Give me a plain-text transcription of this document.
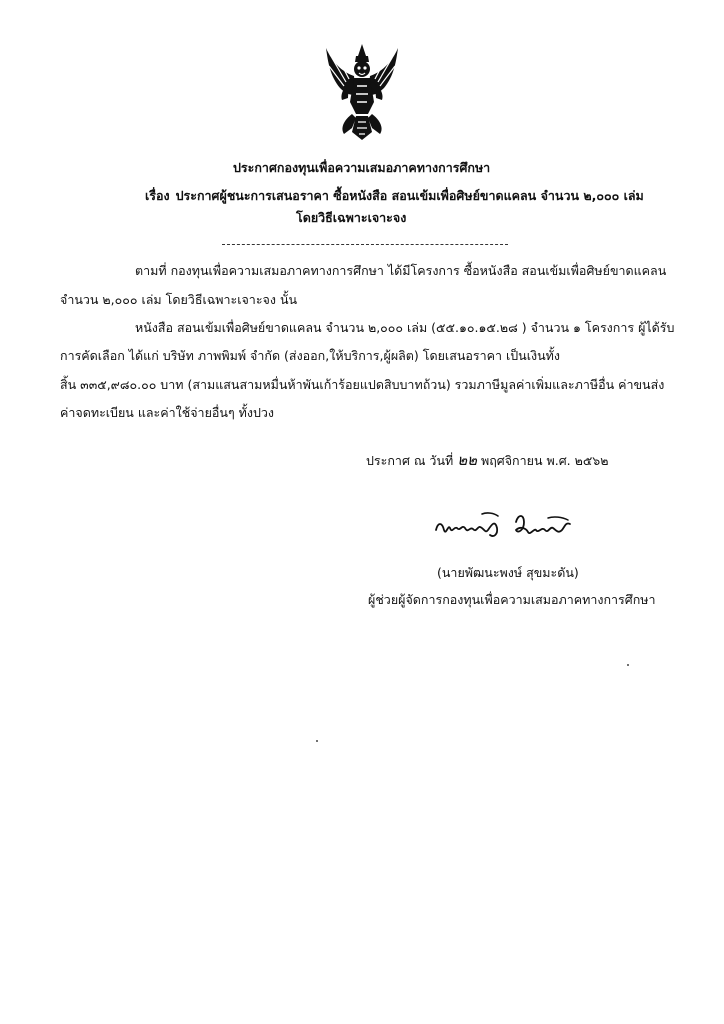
ประกาศกองทุนเพื่อความเสมอภาคทางการศึกษา
เรื่อง ประกาศผู้ชนะการเสนอราคา ซื้อหนังสือ สอนเข้มเพื่อศิษย์ขาดแคลน จำนวน ๒,๐๐๐ เล่ม
โดยวิธีเฉพาะเจาะจง
ตามที่ กองทุนเพื่อความเสมอภาคทางการศึกษา ได้มีโครงการ ซื้อหนังสือ สอนเข้มเพื่อศิษย์ขาดแคลน
จำนวน ๒,๐๐๐ เล่ม โดยวิธีเฉพาะเจาะจง นั้น
หนังสือ สอนเข้มเพื่อศิษย์ขาดแคลน จำนวน ๒,๐๐๐ เล่ม (๕๕.๑๐.๑๕.๒๘ ) จำนวน ๑ โครงการ ผู้ได้รับ
การคัดเลือก ได้แก่ บริษัท ภาพพิมพ์ จำกัด (ส่งออก,ให้บริการ,ผู้ผลิต) โดยเสนอราคา เป็นเงินทั้ง
สิ้น ๓๓๕,๙๘๐.๐๐ บาท (สามแสนสามหมื่นห้าพันเก้าร้อยแปดสิบบาทถ้วน) รวมภาษีมูลค่าเพิ่มและภาษีอื่น ค่าขนส่ง
ค่าจดทะเบียน และค่าใช้จ่ายอื่นๆ ทั้งปวง
ประกาศ ณ วันที่ ๒๒ พฤศจิกายน พ.ศ. ๒๕๖๒
(นายพัฒนะพงษ์ สุขมะดัน)
ผู้ช่วยผู้จัดการกองทุนเพื่อความเสมอภาคทางการศึกษา
